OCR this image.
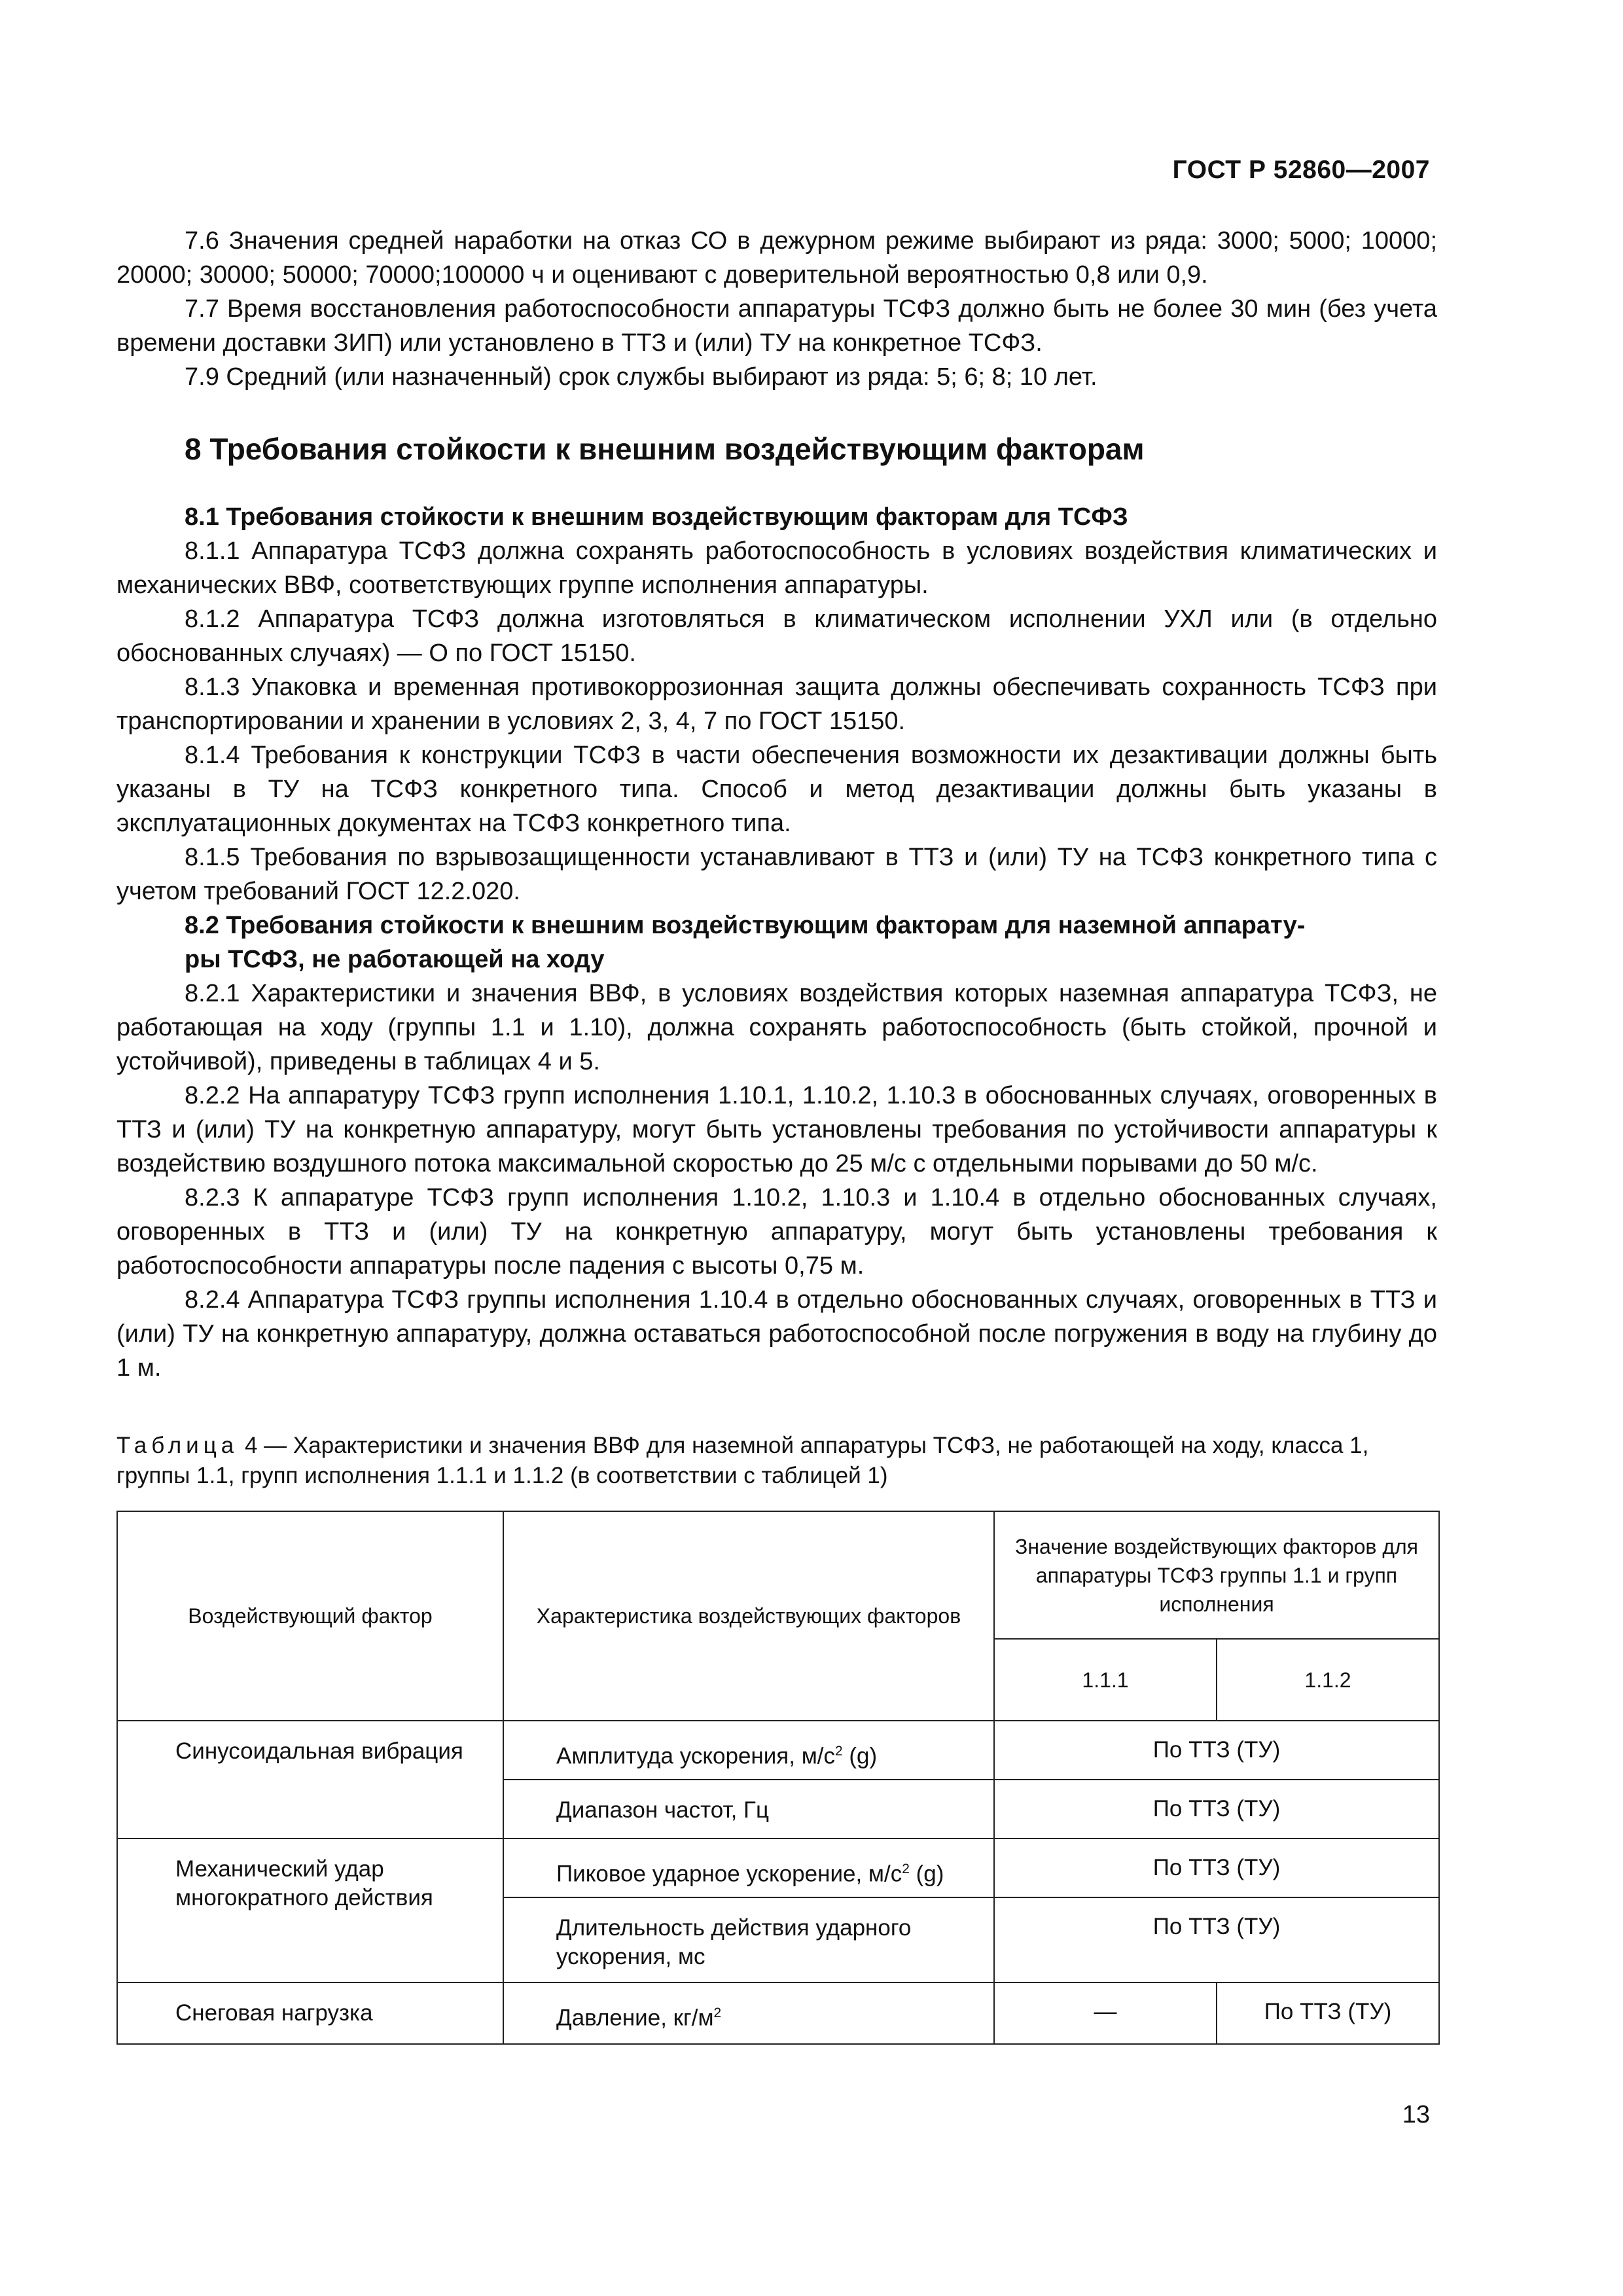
ГОСТ Р 52860—2007

7.6 Значения средней наработки на отказ СО в дежурном режиме выбирают из ряда: 3000; 5000; 10000; 20000; 30000; 50000; 70000;100000 ч и оценивают с доверительной вероятностью 0,8 или 0,9.

7.7 Время восстановления работоспособности аппаратуры ТСФЗ должно быть не более 30 мин (без учета времени доставки ЗИП) или установлено в ТТЗ и (или) ТУ на конкретное ТСФЗ.

7.9 Средний (или назначенный) срок службы выбирают из ряда: 5; 6; 8; 10 лет.

8 Требования стойкости к внешним воздействующим факторам

8.1 Требования стойкости к внешним воздействующим факторам для ТСФЗ

8.1.1 Аппаратура ТСФЗ должна сохранять работоспособность в условиях воздействия климатических и механических ВВФ, соответствующих группе исполнения аппаратуры.

8.1.2 Аппаратура ТСФЗ должна изготовляться в климатическом исполнении УХЛ или (в отдельно обоснованных случаях) — О по ГОСТ 15150.

8.1.3 Упаковка и временная противокоррозионная защита должны обеспечивать сохранность ТСФЗ при транспортировании и хранении в условиях 2, 3, 4, 7 по ГОСТ 15150.

8.1.4 Требования к конструкции ТСФЗ в части обеспечения возможности их дезактивации должны быть указаны в ТУ на ТСФЗ конкретного типа. Способ и метод дезактивации должны быть указаны в эксплуатационных документах на ТСФЗ конкретного типа.

8.1.5 Требования по взрывозащищенности устанавливают в ТТЗ и (или) ТУ на ТСФЗ конкретного типа с учетом требований ГОСТ 12.2.020.

8.2 Требования стойкости к внешним воздействующим факторам для наземной аппарату-
ры ТСФЗ, не работающей на ходу

8.2.1 Характеристики и значения ВВФ, в условиях воздействия которых наземная аппаратура ТСФЗ, не работающая на ходу (группы 1.1 и 1.10), должна сохранять работоспособность (быть стойкой, прочной и устойчивой), приведены в таблицах 4 и 5.

8.2.2 На аппаратуру ТСФЗ групп исполнения 1.10.1, 1.10.2, 1.10.3 в обоснованных случаях, оговоренных в ТТЗ и (или) ТУ на конкретную аппаратуру, могут быть установлены требования по устойчивости аппаратуры к воздействию воздушного потока максимальной скоростью до 25 м/с с отдельными порывами до 50 м/с.

8.2.3 К аппаратуре ТСФЗ групп исполнения 1.10.2, 1.10.3 и 1.10.4 в отдельно обоснованных случаях, оговоренных в ТТЗ и (или) ТУ на конкретную аппаратуру, могут быть установлены требования к работоспособности аппаратуры после падения с высоты 0,75 м.

8.2.4 Аппаратура ТСФЗ группы исполнения 1.10.4 в отдельно обоснованных случаях, оговоренных в ТТЗ и (или) ТУ на конкретную аппаратуру, должна оставаться работоспособной после погружения в воду на глубину до 1 м.

Таблица 4 — Характеристики и значения ВВФ для наземной аппаратуры ТСФЗ, не работающей на ходу, класса 1, группы 1.1, групп исполнения 1.1.1 и 1.1.2 (в соответствии с таблицей 1)
Воздействующий фактор	Характеристика воздействующих факторов	Значение воздействующих факторов для аппаратуры ТСФЗ группы 1.1 и групп исполнения	
		1.1.1	1.1.2
Синусоидальная вибрация	Амплитуда ускорения, $м/с^2$ (g)	По ТТЗ (ТУ)	
	Диапазон частот, Гц	По ТТЗ (ТУ)	
Механический удар многократного действия	Пиковое ударное ускорение, $м/с^2$ (g)	По ТТЗ (ТУ)	
	Длительность действия ударного ускорения, мс	По ТТЗ (ТУ)	
Снеговая нагрузка	Давление, $кг/м^2$	—	По ТТЗ (ТУ)
13
